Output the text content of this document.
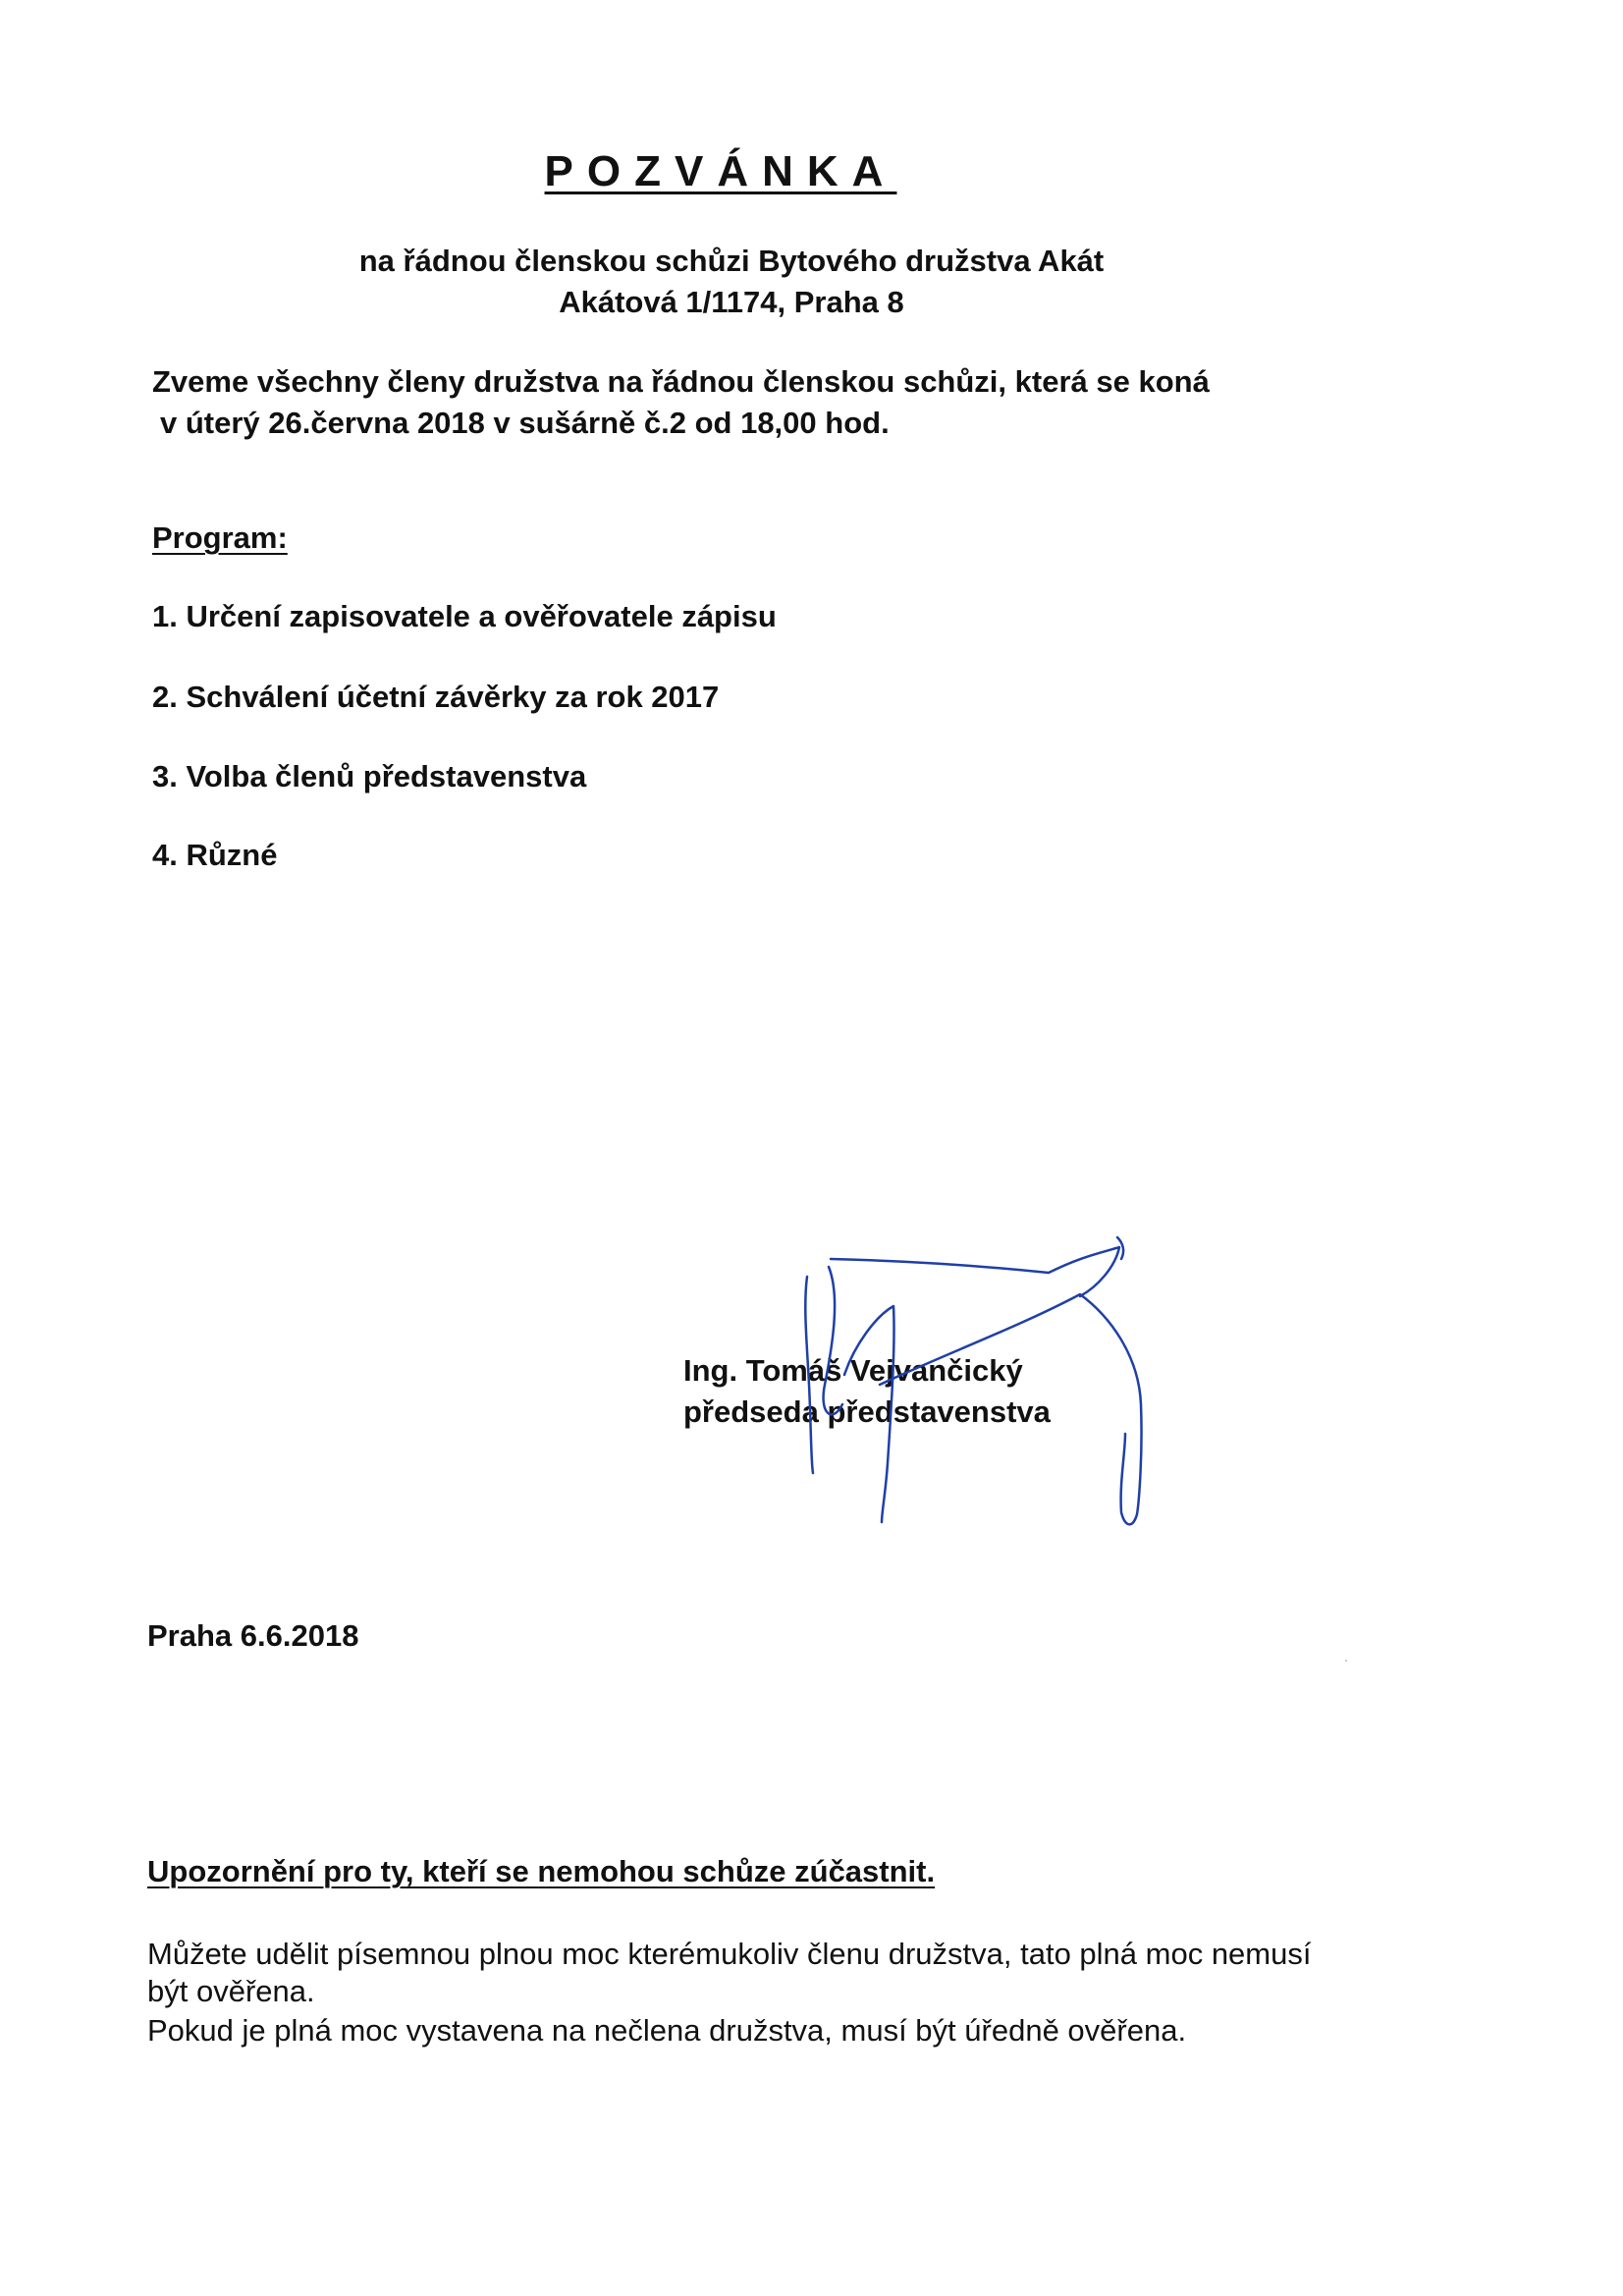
POZVÁNKA
na řádnou členskou schůzi Bytového družstva Akát
Akátová 1/1174, Praha 8
Zveme všechny členy družstva na řádnou členskou schůzi, která se koná
v úterý 26.června 2018 v sušárně č.2 od 18,00 hod.
Program:
1. Určení zapisovatele a ověřovatele zápisu
2. Schválení účetní závěrky za rok 2017
3. Volba členů představenstva
4. Různé
Ing. Tomáš Vejvančický
předseda představenstva
Praha 6.6.2018
Upozornění pro ty, kteří se nemohou schůze zúčastnit.
Můžete udělit písemnou plnou moc kterémukoliv členu družstva, tato plná moc nemusí
být ověřena.
Pokud je plná moc vystavena na nečlena družstva, musí být úředně ověřena.
